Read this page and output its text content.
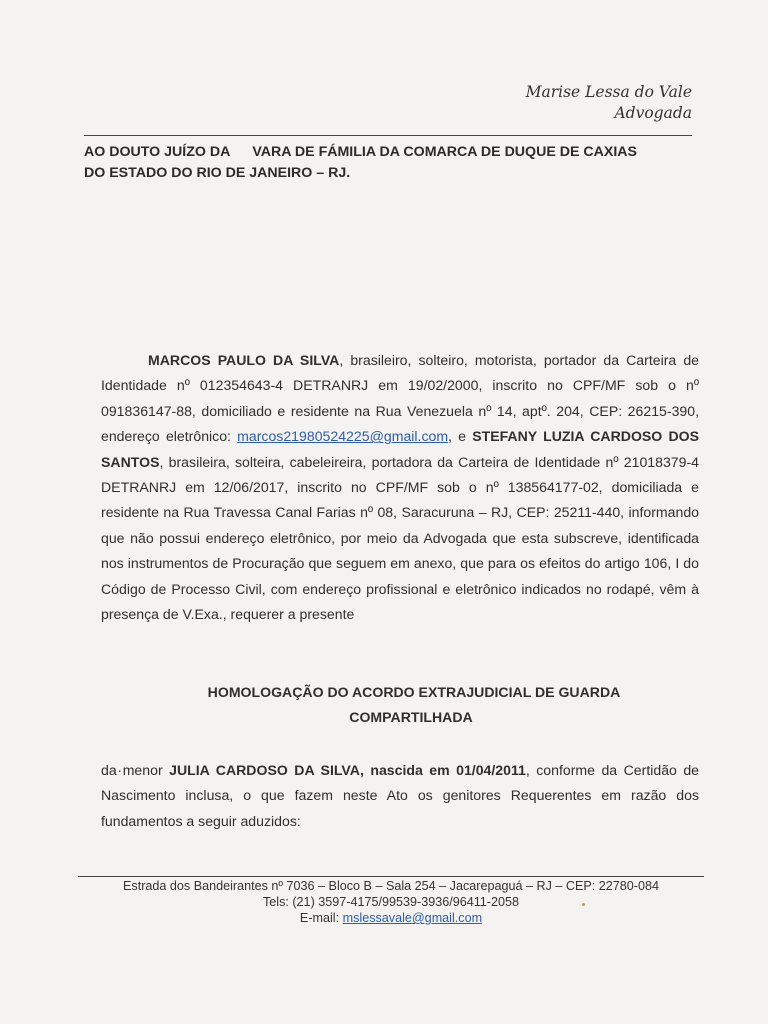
Marise Lessa do Vale
Advogada
AO DOUTO JUÍZO DA VARA DE FÁMILIA DA COMARCA DE DUQUE DE CAXIAS
DO ESTADO DO RIO DE JANEIRO – RJ.
MARCOS PAULO DA SILVA, brasileiro, solteiro, motorista, portador da Carteira de Identidade nº 012354643-4 DETRANRJ em 19/02/2000, inscrito no CPF/MF sob o nº 091836147-88, domiciliado e residente na Rua Venezuela nº 14, aptº. 204, CEP: 26215-390, endereço eletrônico: marcos21980524225@gmail.com, e STEFANY LUZIA CARDOSO DOS SANTOS, brasileira, solteira, cabeleireira, portadora da Carteira de Identidade nº 21018379-4 DETRANRJ em 12/06/2017, inscrito no CPF/MF sob o nº 138564177-02, domiciliada e residente na Rua Travessa Canal Farias nº 08, Saracuruna – RJ, CEP: 25211-440, informando que não possui endereço eletrônico, por meio da Advogada que esta subscreve, identificada nos instrumentos de Procuração que seguem em anexo, que para os efeitos do artigo 106, I do Código de Processo Civil, com endereço profissional e eletrônico indicados no rodapé, vêm à presença de V.Exa., requerer a presente
HOMOLOGAÇÃO DO ACORDO EXTRAJUDICIAL DE GUARDA
COMPARTILHADA
da·menor JULIA CARDOSO DA SILVA, nascida em 01/04/2011, conforme da Certidão de Nascimento inclusa, o que fazem neste Ato os genitores Requerentes em razão dos fundamentos a seguir aduzidos:
Estrada dos Bandeirantes nº 7036 – Bloco B – Sala 254 – Jacarepaguá – RJ – CEP: 22780-084
Tels: (21) 3597-4175/99539-3936/96411-2058
E-mail: mslessavale@gmail.com
